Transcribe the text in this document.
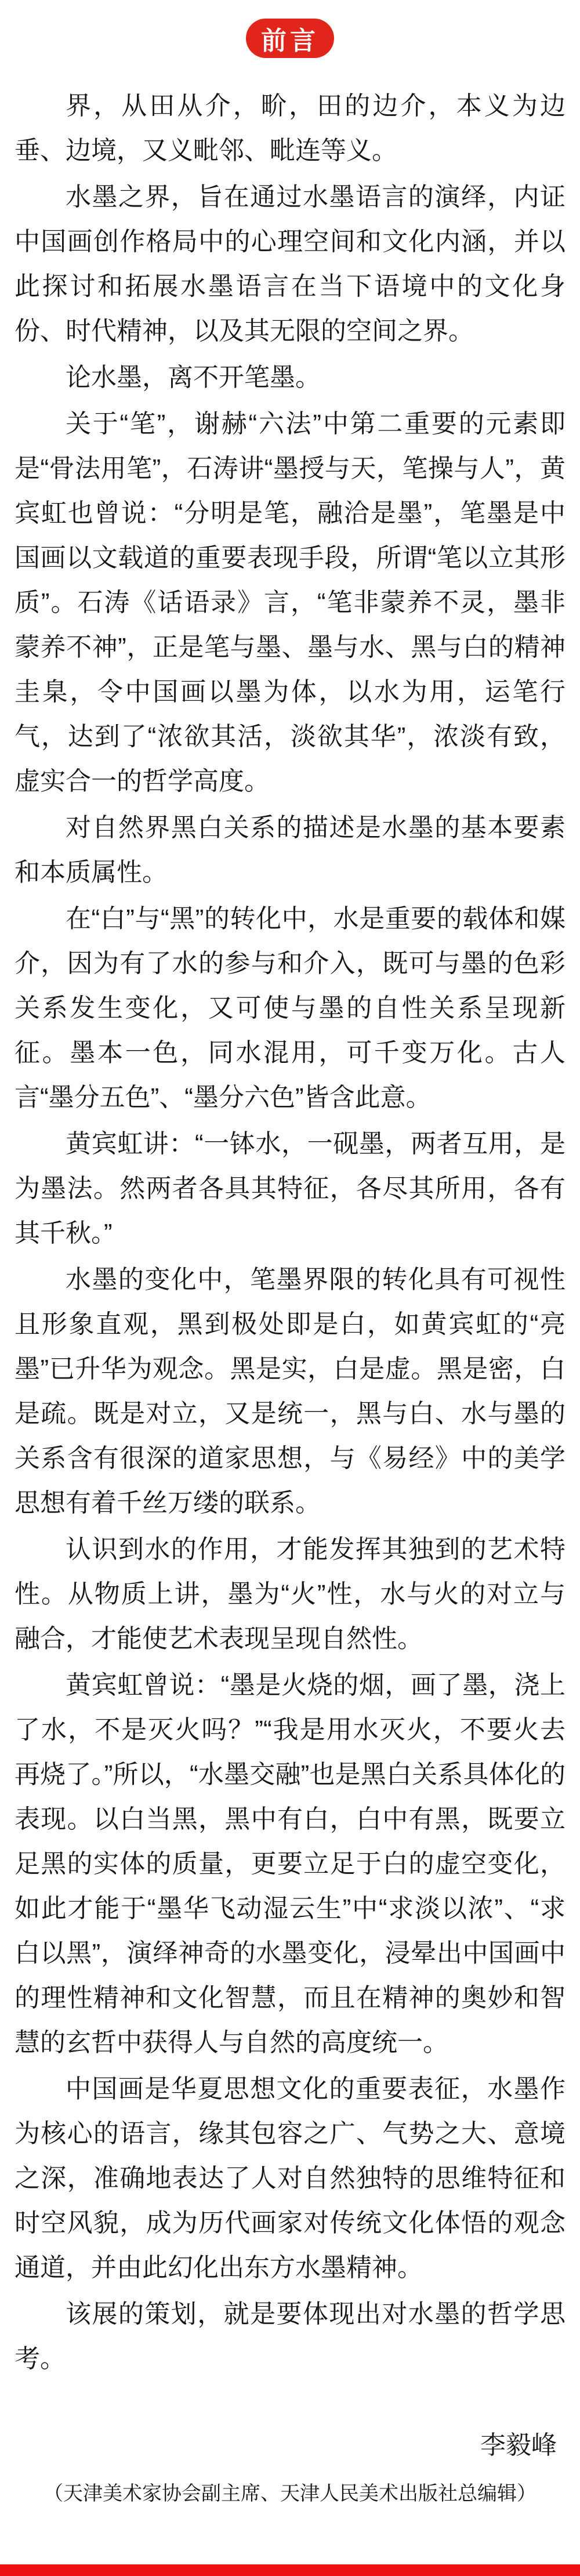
前言

界，从田从介，畍，田的边介，本义为边垂、边境，又义毗邻、毗连等义。

水墨之界，旨在通过水墨语言的演绎，内证中国画创作格局中的心理空间和文化内涵，并以此探讨和拓展水墨语言在当下语境中的文化身份、时代精神，以及其无限的空间之界。

论水墨，离不开笔墨。

关于“笔”，谢赫“六法”中第二重要的元素即是“骨法用笔”，石涛讲“墨授与天，笔操与人”，黄宾虹也曾说：“分明是笔，融洽是墨”，笔墨是中国画以文载道的重要表现手段，所谓“笔以立其形质”。石涛《话语录》言，“笔非蒙养不灵，墨非蒙养不神”，正是笔与墨、墨与水、黑与白的精神圭臬，令中国画以墨为体，以水为用，运笔行气，达到了“浓欲其活，淡欲其华”，浓淡有致，虚实合一的哲学高度。

对自然界黑白关系的描述是水墨的基本要素和本质属性。

在“白”与“黑”的转化中，水是重要的载体和媒介，因为有了水的参与和介入，既可与墨的色彩关系发生变化，又可使与墨的自性关系呈现新征。墨本一色，同水混用，可千变万化。古人言“墨分五色”、“墨分六色”皆含此意。

黄宾虹讲：“一钵水，一砚墨，两者互用，是为墨法。然两者各具其特征，各尽其所用，各有其千秋。”

水墨的变化中，笔墨界限的转化具有可视性且形象直观，黑到极处即是白，如黄宾虹的“亮墨”已升华为观念。黑是实，白是虚。黑是密，白是疏。既是对立，又是统一，黑与白、水与墨的关系含有很深的道家思想，与《易经》中的美学思想有着千丝万缕的联系。

认识到水的作用，才能发挥其独到的艺术特性。从物质上讲，墨为“火”性，水与火的对立与融合，才能使艺术表现呈现自然性。

黄宾虹曾说：“墨是火烧的烟，画了墨，浇上了水，不是灭火吗？”“我是用水灭火，不要火去再烧了。”所以，“水墨交融”也是黑白关系具体化的表现。以白当黑，黑中有白，白中有黑，既要立足黑的实体的质量，更要立足于白的虚空变化，如此才能于“墨华飞动湿云生”中“求淡以浓”、“求白以黑”，演绎神奇的水墨变化，浸晕出中国画中的理性精神和文化智慧，而且在精神的奥妙和智慧的玄哲中获得人与自然的高度统一。

中国画是华夏思想文化的重要表征，水墨作为核心的语言，缘其包容之广、气势之大、意境之深，准确地表达了人对自然独特的思维特征和时空风貌，成为历代画家对传统文化体悟的观念通道，并由此幻化出东方水墨精神。

该展的策划，就是要体现出对水墨的哲学思考。

李毅峰
（天津美术家协会副主席、天津人民美术出版社总编辑）
